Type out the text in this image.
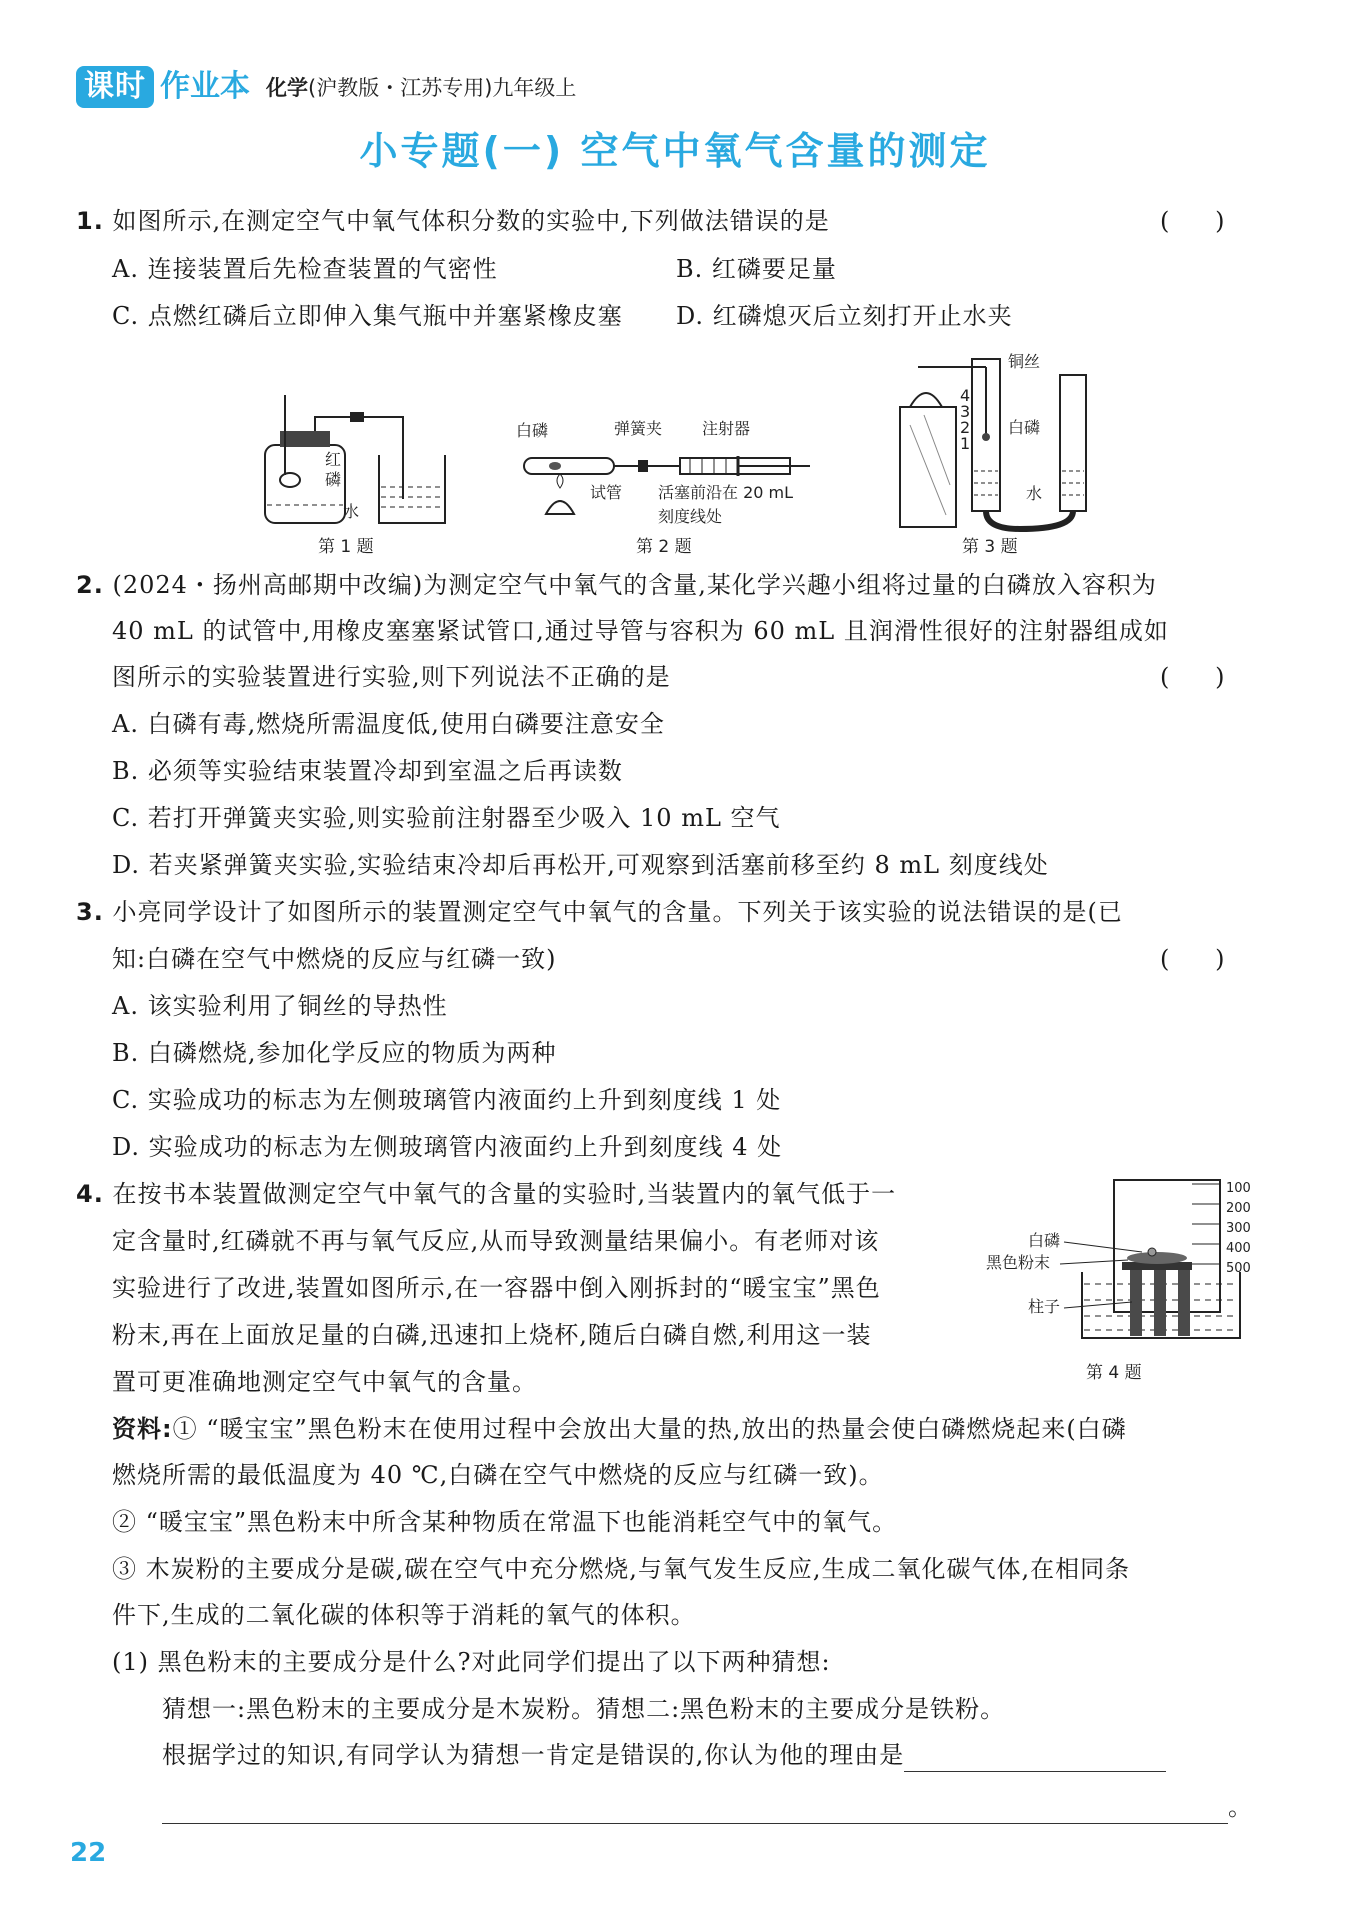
课时 作业本 化学(沪教版・江苏专用)九年级上
小专题(一) 空气中氧气含量的测定
1. 如图所示,在测定空气中氧气体积分数的实验中,下列做法错误的是	(      )
A. 连接装置后先检查装置的气密性	B. 红磷要足量
C. 点燃红磷后立即伸入集气瓶中并塞紧橡皮塞 D. 红磷熄灭后立刻打开止水夹
红
磷
水
第 1 题
白磷	弹簧夹 注射器
试管 活塞前沿在 20 mL
刻度线处
第 2 题
4
3
2
1
铜丝
白磷
水
第 3 题
2. (2024・扬州高邮期中改编)为测定空气中氧气的含量,某化学兴趣小组将过量的白磷放入容积为
40 mL 的试管中,用橡皮塞塞紧试管口,通过导管与容积为 60 mL 且润滑性很好的注射器组成如
图所示的实验装置进行实验,则下列说法不正确的是	(      )
A. 白磷有毒,燃烧所需温度低,使用白磷要注意安全
B. 必须等实验结束装置冷却到室温之后再读数
C. 若打开弹簧夹实验,则实验前注射器至少吸入 10 mL 空气
D. 若夹紧弹簧夹实验,实验结束冷却后再松开,可观察到活塞前移至约 8 mL 刻度线处
3. 小亮同学设计了如图所示的装置测定空气中氧气的含量。下列关于该实验的说法错误的是(已
知:白磷在空气中燃烧的反应与红磷一致)	(      )
A. 该实验利用了铜丝的导热性
B. 白磷燃烧,参加化学反应的物质为两种
C. 实验成功的标志为左侧玻璃管内液面约上升到刻度线 1 处
D. 实验成功的标志为左侧玻璃管内液面约上升到刻度线 4 处
4. 在按书本装置做测定空气中氧气的含量的实验时,当装置内的氧气低于一
定含量时,红磷就不再与氧气反应,从而导致测量结果偏小。有老师对该
实验进行了改进,装置如图所示,在一容器中倒入刚拆封的“暖宝宝”黑色
粉末,再在上面放足量的白磷,迅速扣上烧杯,随后白磷自燃,利用这一装
置可更准确地测定空气中氧气的含量。
100
200
300
400
500
白磷
黑色粉末
柱子
第 4 题
资料:① “暖宝宝”黑色粉末在使用过程中会放出大量的热,放出的热量会使白磷燃烧起来(白磷
燃烧所需的最低温度为 40 ℃,白磷在空气中燃烧的反应与红磷一致)。
② “暖宝宝”黑色粉末中所含某种物质在常温下也能消耗空气中的氧气。
③ 木炭粉的主要成分是碳,碳在空气中充分燃烧,与氧气发生反应,生成二氧化碳气体,在相同条
件下,生成的二氧化碳的体积等于消耗的氧气的体积。
(1) 黑色粉末的主要成分是什么?对此同学们提出了以下两种猜想:
猜想一:黑色粉末的主要成分是木炭粉。猜想二:黑色粉末的主要成分是铁粉。
根据学过的知识,有同学认为猜想一肯定是错误的,你认为他的理由是
。
22
